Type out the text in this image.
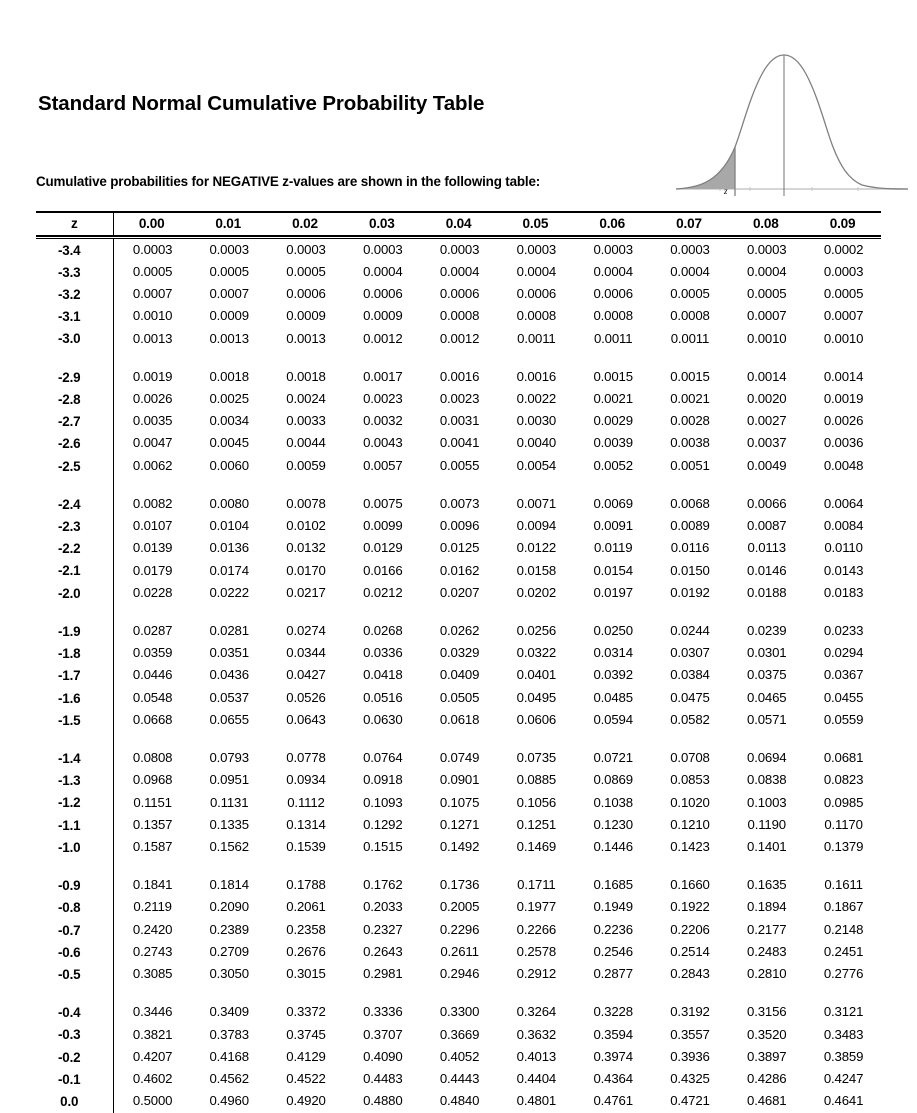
Standard Normal Cumulative Probability Table
Cumulative probabilities for NEGATIVE z-values are shown in the following table:
z
z	0.00	0.01	0.02	0.03	0.04	0.05	0.06	0.07	0.08	0.09
-3.4	0.0003	0.0003	0.0003	0.0003	0.0003	0.0003	0.0003	0.0003	0.0003	0.0002
-3.3	0.0005	0.0005	0.0005	0.0004	0.0004	0.0004	0.0004	0.0004	0.0004	0.0003
-3.2	0.0007	0.0007	0.0006	0.0006	0.0006	0.0006	0.0006	0.0005	0.0005	0.0005
-3.1	0.0010	0.0009	0.0009	0.0009	0.0008	0.0008	0.0008	0.0008	0.0007	0.0007
-3.0	0.0013	0.0013	0.0013	0.0012	0.0012	0.0011	0.0011	0.0011	0.0010	0.0010

-2.9	0.0019	0.0018	0.0018	0.0017	0.0016	0.0016	0.0015	0.0015	0.0014	0.0014
-2.8	0.0026	0.0025	0.0024	0.0023	0.0023	0.0022	0.0021	0.0021	0.0020	0.0019
-2.7	0.0035	0.0034	0.0033	0.0032	0.0031	0.0030	0.0029	0.0028	0.0027	0.0026
-2.6	0.0047	0.0045	0.0044	0.0043	0.0041	0.0040	0.0039	0.0038	0.0037	0.0036
-2.5	0.0062	0.0060	0.0059	0.0057	0.0055	0.0054	0.0052	0.0051	0.0049	0.0048

-2.4	0.0082	0.0080	0.0078	0.0075	0.0073	0.0071	0.0069	0.0068	0.0066	0.0064
-2.3	0.0107	0.0104	0.0102	0.0099	0.0096	0.0094	0.0091	0.0089	0.0087	0.0084
-2.2	0.0139	0.0136	0.0132	0.0129	0.0125	0.0122	0.0119	0.0116	0.0113	0.0110
-2.1	0.0179	0.0174	0.0170	0.0166	0.0162	0.0158	0.0154	0.0150	0.0146	0.0143
-2.0	0.0228	0.0222	0.0217	0.0212	0.0207	0.0202	0.0197	0.0192	0.0188	0.0183

-1.9	0.0287	0.0281	0.0274	0.0268	0.0262	0.0256	0.0250	0.0244	0.0239	0.0233
-1.8	0.0359	0.0351	0.0344	0.0336	0.0329	0.0322	0.0314	0.0307	0.0301	0.0294
-1.7	0.0446	0.0436	0.0427	0.0418	0.0409	0.0401	0.0392	0.0384	0.0375	0.0367
-1.6	0.0548	0.0537	0.0526	0.0516	0.0505	0.0495	0.0485	0.0475	0.0465	0.0455
-1.5	0.0668	0.0655	0.0643	0.0630	0.0618	0.0606	0.0594	0.0582	0.0571	0.0559

-1.4	0.0808	0.0793	0.0778	0.0764	0.0749	0.0735	0.0721	0.0708	0.0694	0.0681
-1.3	0.0968	0.0951	0.0934	0.0918	0.0901	0.0885	0.0869	0.0853	0.0838	0.0823
-1.2	0.1151	0.1131	0.1112	0.1093	0.1075	0.1056	0.1038	0.1020	0.1003	0.0985
-1.1	0.1357	0.1335	0.1314	0.1292	0.1271	0.1251	0.1230	0.1210	0.1190	0.1170
-1.0	0.1587	0.1562	0.1539	0.1515	0.1492	0.1469	0.1446	0.1423	0.1401	0.1379

-0.9	0.1841	0.1814	0.1788	0.1762	0.1736	0.1711	0.1685	0.1660	0.1635	0.1611
-0.8	0.2119	0.2090	0.2061	0.2033	0.2005	0.1977	0.1949	0.1922	0.1894	0.1867
-0.7	0.2420	0.2389	0.2358	0.2327	0.2296	0.2266	0.2236	0.2206	0.2177	0.2148
-0.6	0.2743	0.2709	0.2676	0.2643	0.2611	0.2578	0.2546	0.2514	0.2483	0.2451
-0.5	0.3085	0.3050	0.3015	0.2981	0.2946	0.2912	0.2877	0.2843	0.2810	0.2776

-0.4	0.3446	0.3409	0.3372	0.3336	0.3300	0.3264	0.3228	0.3192	0.3156	0.3121
-0.3	0.3821	0.3783	0.3745	0.3707	0.3669	0.3632	0.3594	0.3557	0.3520	0.3483
-0.2	0.4207	0.4168	0.4129	0.4090	0.4052	0.4013	0.3974	0.3936	0.3897	0.3859
-0.1	0.4602	0.4562	0.4522	0.4483	0.4443	0.4404	0.4364	0.4325	0.4286	0.4247
0.0	0.5000	0.4960	0.4920	0.4880	0.4840	0.4801	0.4761	0.4721	0.4681	0.4641
